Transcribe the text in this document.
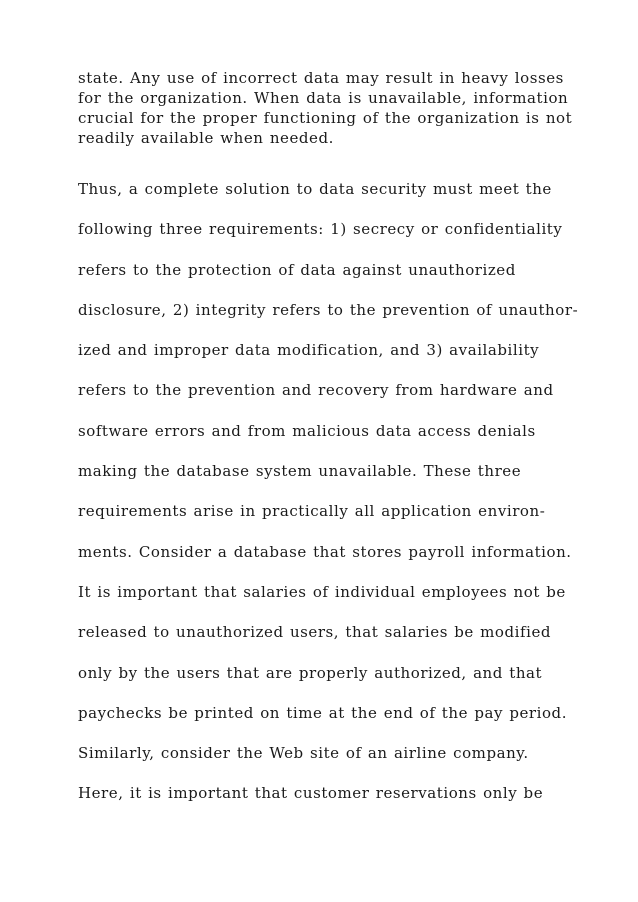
state. Any use of incorrect data may result in heavy losses
for the organization. When data is unavailable, information
crucial for the proper functioning of the organization is not
readily available when needed.
Thus, a complete solution to data security must meet the
following three requirements: 1) secrecy or confidentiality
refers to the protection of data against unauthorized
disclosure, 2) integrity refers to the prevention of unauthor-
ized and improper data modification, and 3) availability
refers to the prevention and recovery from hardware and
software errors and from malicious data access denials
making the database system unavailable. These three
requirements arise in practically all application environ-
ments. Consider a database that stores payroll information.
It is important that salaries of individual employees not be
released to unauthorized users, that salaries be modified
only by the users that are properly authorized, and that
paychecks be printed on time at the end of the pay period.
Similarly, consider the Web site of an airline company.
Here, it is important that customer reservations only be
